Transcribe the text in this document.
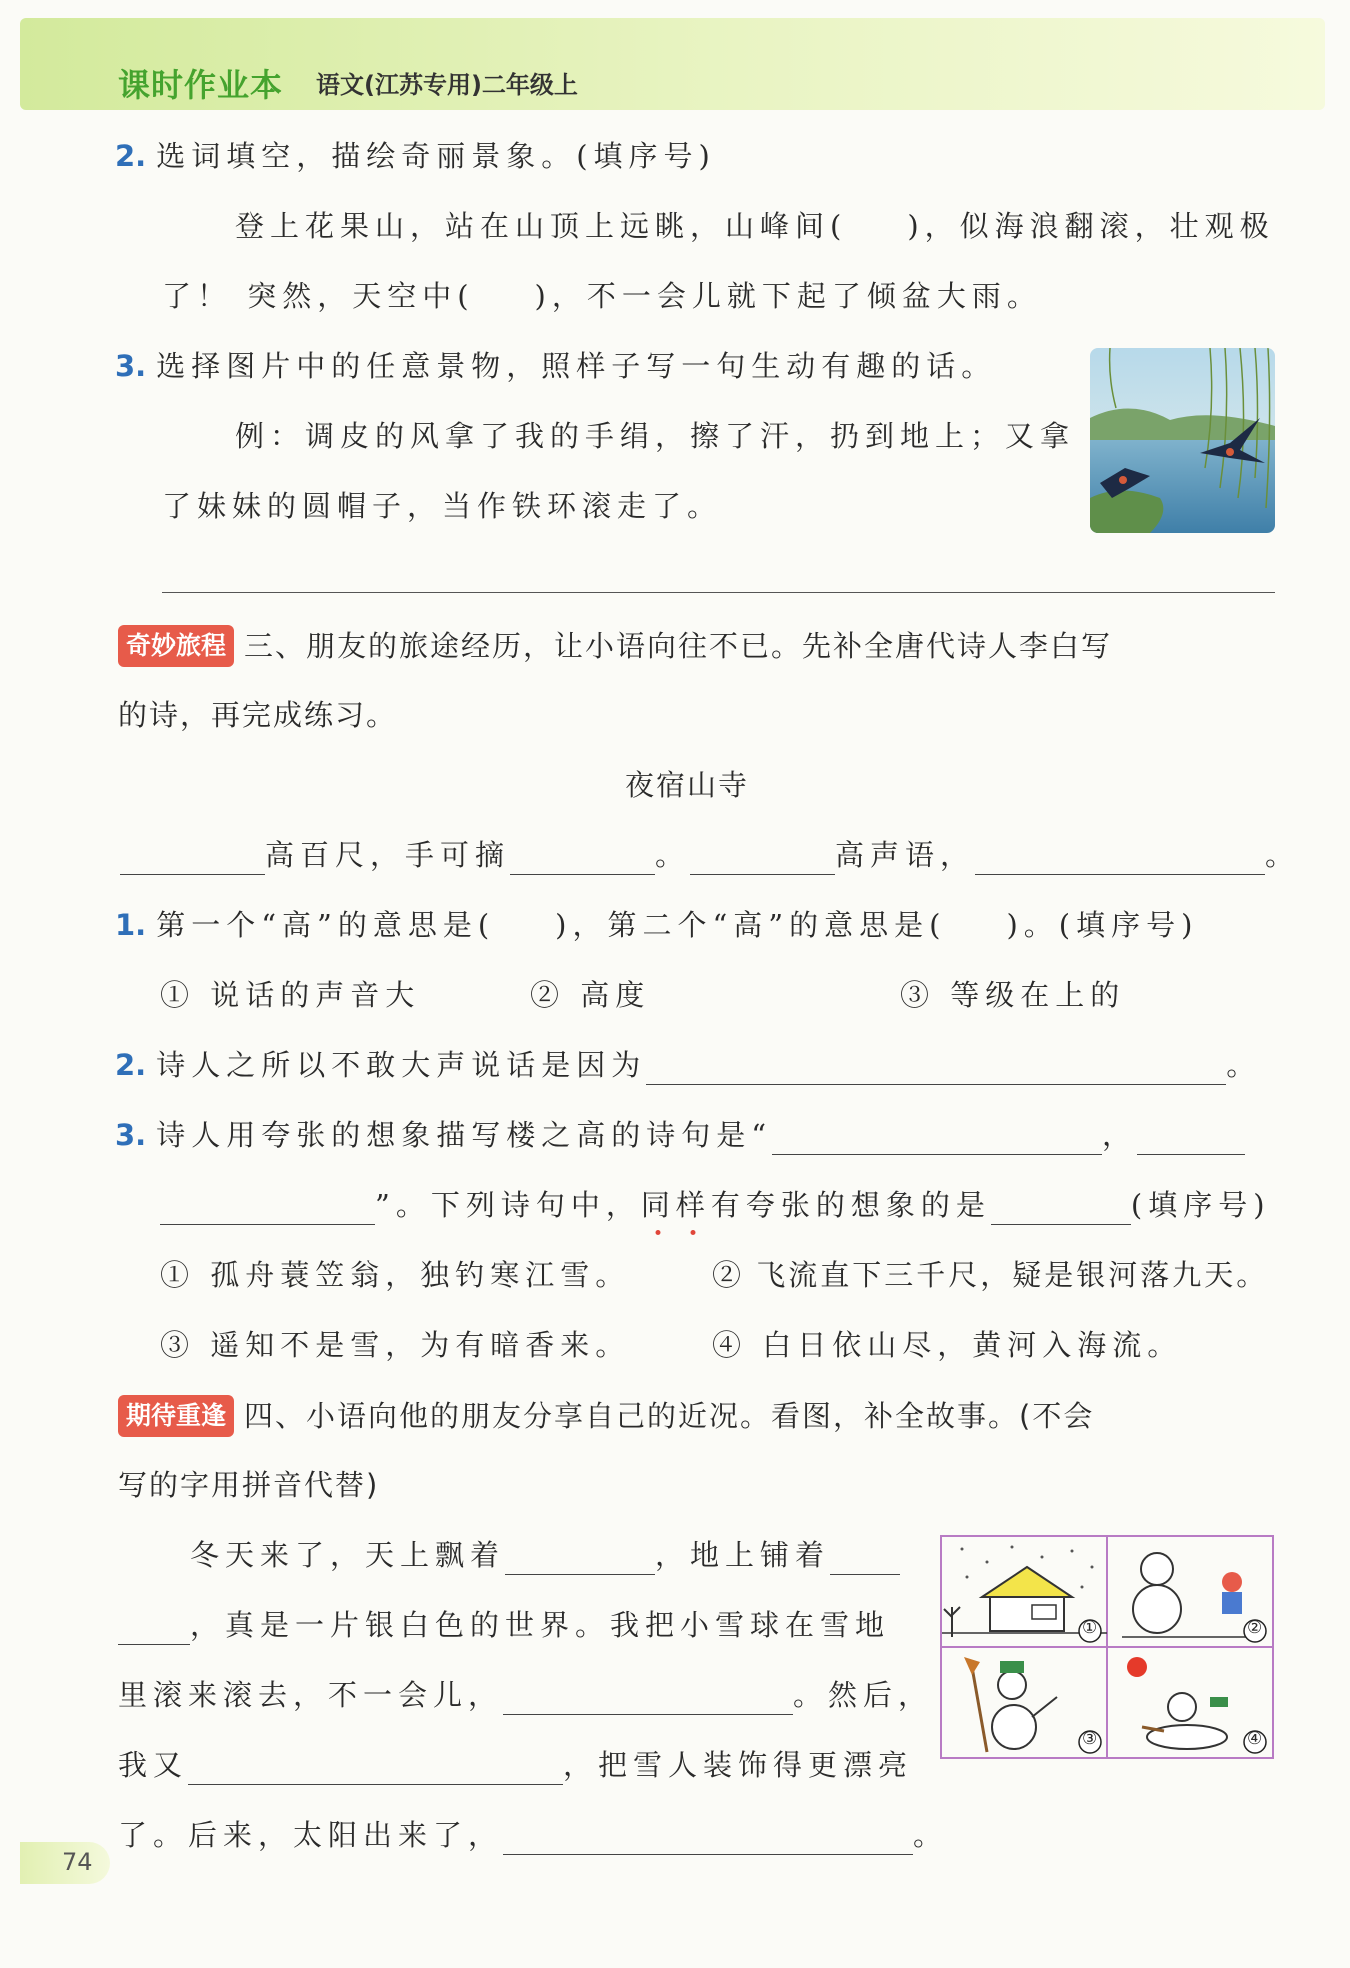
课时作业本 语文(江苏专用)二年级上
2. 选词填空，描绘奇丽景象。(填序号)
登上花果山，站在山顶上远眺，山峰间( )，似海浪翻滚，壮观极
了！ 突然，天空中( )，不一会儿就下起了倾盆大雨。
3. 选择图片中的任意景物，照样子写一句生动有趣的话。
例：调皮的风拿了我的手绢，擦了汗，扔到地上；又拿
了妹妹的圆帽子，当作铁环滚走了。
奇妙旅程 三、朋友的旅途经历，让小语向往不已。先补全唐代诗人李白写
的诗，再完成练习。
夜宿山寺
高百尺，手可摘	。	高声语，	。
1. 第一个“高”的意思是( )，第二个“高”的意思是( )。(填序号)
① 说话的声音大	② 高度	③ 等级在上的
2. 诗人之所以不敢大声说话是因为	。
3. 诗人用夸张的想象描写楼之高的诗句是“	，
”。下列诗句中，同样有夸张的想象的是	(填序号)
① 孤舟蓑笠翁，独钓寒江雪。	② 飞流直下三千尺，疑是银河落九天。
③ 遥知不是雪，为有暗香来。	④ 白日依山尽，黄河入海流。
期待重逢 四、小语向他的朋友分享自己的近况。看图，补全故事。(不会
写的字用拼音代替)
冬天来了，天上飘着	，地上铺着
，真是一片银白色的世界。我把小雪球在雪地
里滚来滚去，不一会儿，	。然后，
我又	，把雪人装饰得更漂亮
了。后来，太阳出来了，	。
①	②
③	④
74
